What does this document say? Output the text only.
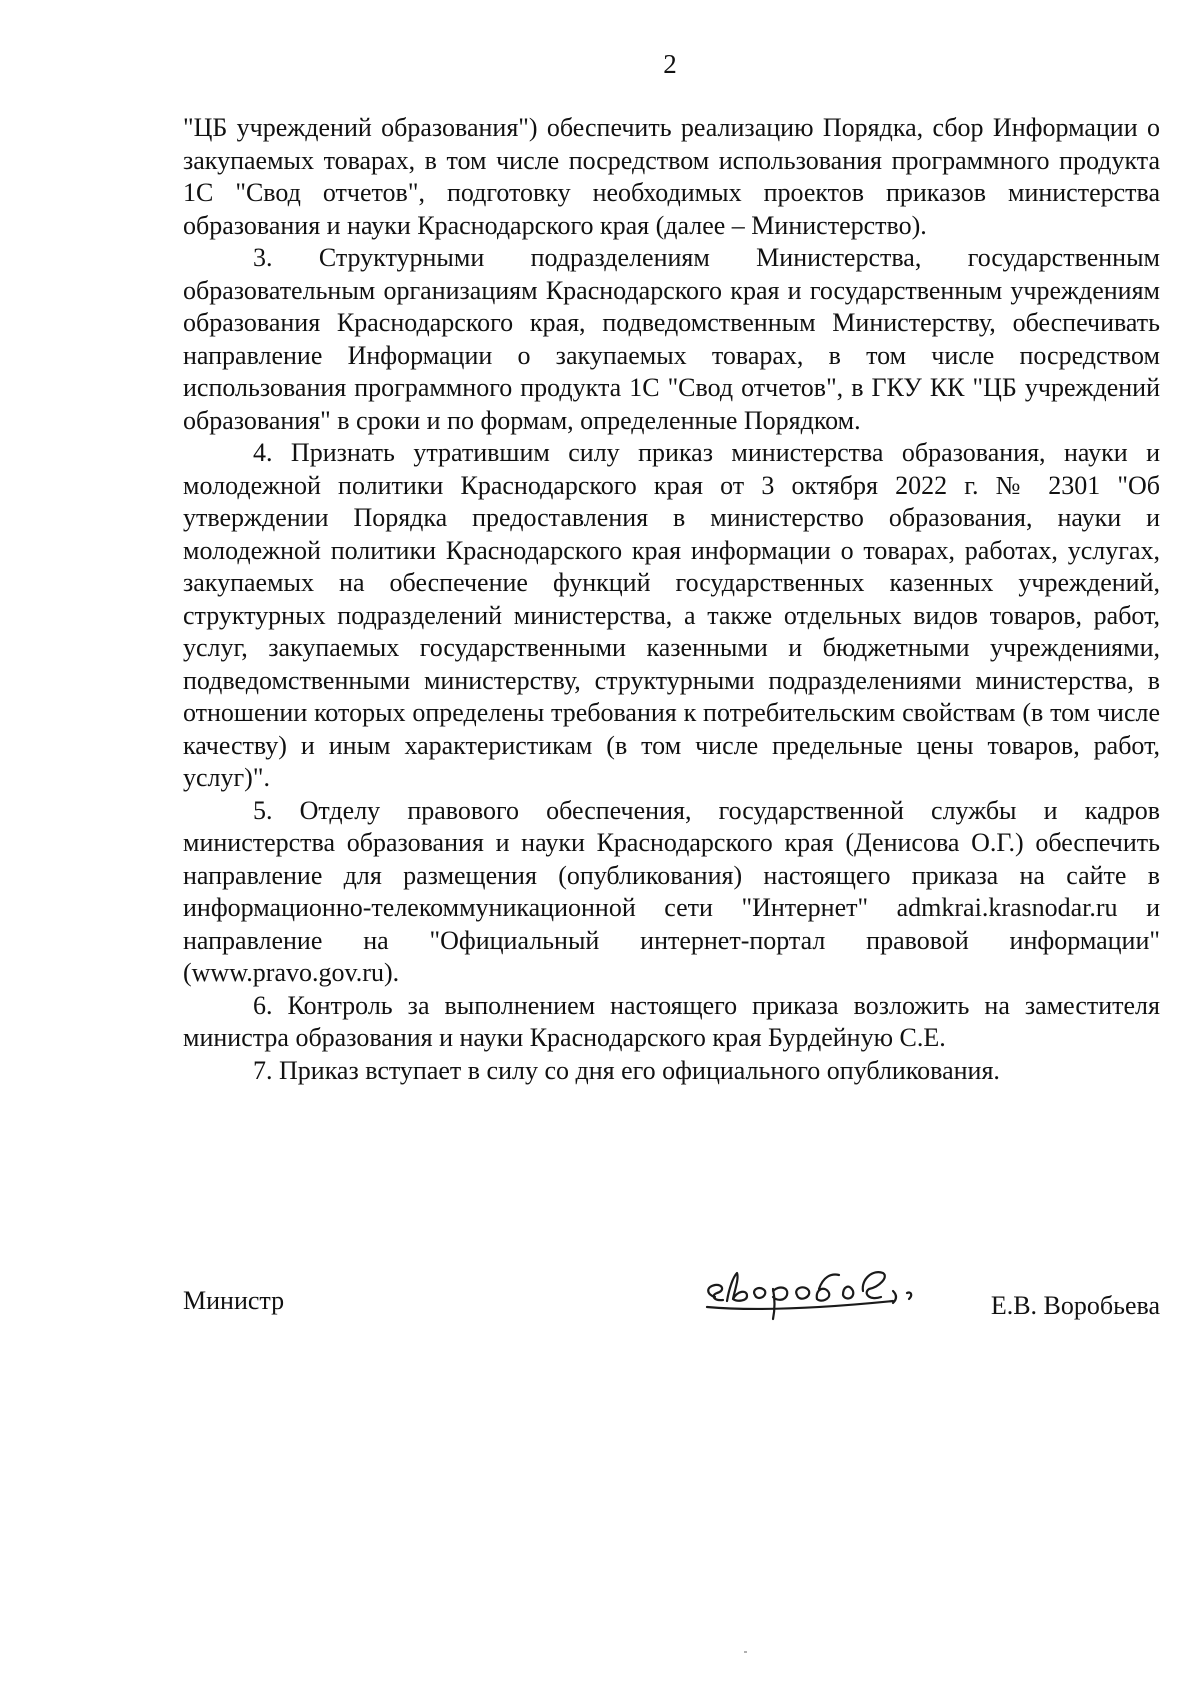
2

"ЦБ учреждений образования") обеспечить реализацию Порядка, сбор Информации о закупаемых товарах, в том числе посредством использования программного продукта 1С "Свод отчетов", подготовку необходимых проектов приказов министерства образования и науки Краснодарского края (далее – Министерство).

3. Структурными подразделениям Министерства, государственным образовательным организациям Краснодарского края и государственным учреждениям образования Краснодарского края, подведомственным Министерству, обеспечивать направление Информации о закупаемых товарах, в том числе посредством использования программного продукта 1С "Свод отчетов", в ГКУ КК "ЦБ учреждений образования" в сроки и по формам, определенные Порядком.

4. Признать утратившим силу приказ министерства образования, науки и молодежной политики Краснодарского края от 3 октября 2022 г. № 2301 "Об утверждении Порядка предоставления в министерство образования, науки и молодежной политики Краснодарского края информации о товарах, работах, услугах, закупаемых на обеспечение функций государственных казенных учреждений, структурных подразделений министерства, а также отдельных видов товаров, работ, услуг, закупаемых государственными казенными и бюджетными учреждениями, подведомственными министерству, структурными подразделениями министерства, в отношении которых определены требования к потребительским свойствам (в том числе качеству) и иным характеристикам (в том числе предельные цены товаров, работ, услуг)".

5. Отделу правового обеспечения, государственной службы и кадров министерства образования и науки Краснодарского края (Денисова О.Г.) обеспечить направление для размещения (опубликования) настоящего приказа на сайте в информационно-телекоммуникационной сети "Интернет" admkrai.krasnodar.ru и направление на "Официальный интернет-портал правовой информации" (www.pravo.gov.ru).

6. Контроль за выполнением настоящего приказа возложить на заместителя министра образования и науки Краснодарского края Бурдейную С.Е.

7. Приказ вступает в силу со дня его официального опубликования.

Министр	Е.В. Воробьева
